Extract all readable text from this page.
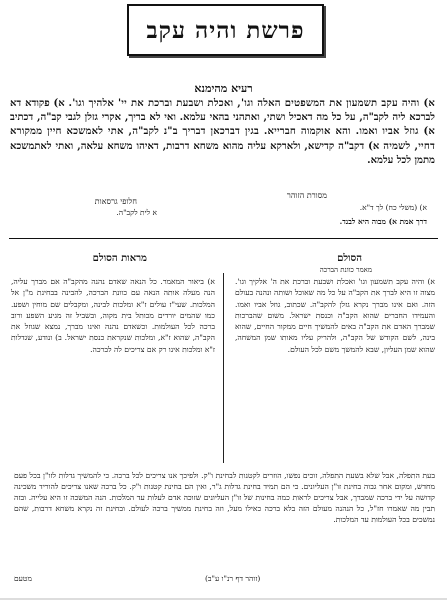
פרשת והיה עקב
רעיא מהימנא
א) והיה עקב תשמעון את המשפטים האלה וגו', ואכלת ושבעת וברכת את יי' אלהיך וגו'. א) פקודא דא לברכא ליה לקב"ה, על כל מה דאכיל ושתי, ואתהני בהאי עלמא. ואי לא בריך, אקרי גזלן לגבי קב"ה, דכתיב א) גוזל אביו ואמו. והא אוקמוה חברייא. בגין דברכאן דבריך ב"נ לקב"ה, אתי לאמשכא חיין ממקורא דחיי, לשמיה א) דקב"ה קדישא, ולארקא עליה מהוא משחא דרבות, דאיהו משחא עלאה, ואתי לאתמשכא מתמן לכל עלמא.
מסורת הזוהר
א) (משלי כח) לך ד"א.
דרך אמת א) מבוה היא לבנד.
חלופי גרסאות
א לית לקב"ה.
הסולם
מאמר כוונת הברכה
מראות הסולם
א) והיה עקב תשמעון וגו' ואכלת ושבעת וברכת את ה' אלקיך וגו'. מצוה זו היא לברך את הקב"ה על כל מה שאוכל ושותה ונהנה בעולם הזה. ואם אינו מברך נקרא גזלן להקב"ה. שכתוב, גוזל אביו ואמו. והעמידו החברים שהוא הקב"ה וכנסת ישראל. משום שהברכות שמברך האדם את הקב"ה באים להמשיך חיים ממקור החיים, שהוא בינה, לשם הקודש של הקב"ה, ולהריק עליו מאותו שמן המשחה, שהוא שמן העליון, שבא להמשך משם לכל העולם.
א) ביאור המאמר. כל הנאה שאדם נהנה מהקב"ה אם מברך עליה, הנה מעלה אותה הנאה עם כוונת הברכה, להבינה בבחינת מ"ן אל המלכות. שעי"ז עולים ז"א ומלכות לבינה, ומקבלים שם מוחין ושפע. כמו שהמים יורדים מכותל בית מקוה, ובשביל זה מגיע השפע ורוב ברכה לכל העולמות. וכשאדם נהנה ואינו מברך, נמצא שגוזל את הקב"ה, שהוא ז"א, ומלכות שנקראת כנסת ישראל. ב) ונודע, שגדלות ז"א ומלכות אינו רק אם צריכים לה לברכה.
בעת התפלה, אבל שלא בשעת התפלה, זוכים נפשו, הוזרים לקטנות לבחינת ו"ק. ולפיכך אנו צריכים לכל ברכה. כי להמשיך גדלות לזו"ן בכל פעם מחדש, ומקום אחר גבוה בחינת זו"ן העליונים. כי הם תמיד בחינת גדלות ג"ר, ואין הם בחינת קטנות ו"ק. כל ברכה שאנו צריכים להוריד משכינה קדושה על ידי ברכה שמברך, אבל צריכים לראות כמה בחינות של זו"ן העליונים שזוכה אדם לעלות עד המלכות. הנה המשכה זו היא עלייה. ובזה תבין מה שאמרו חז"ל, כל הנהנה מעולם הזה בלא ברכה כאילו מעל, וזה בחינת ממשיך ברכה לעולם. ובחינת זה נקרא משחא דרבות, שהם נמשכים בכל העולמות עד המלכות.
(זוהר דף רנ"ו ע"ב)
מטעם
